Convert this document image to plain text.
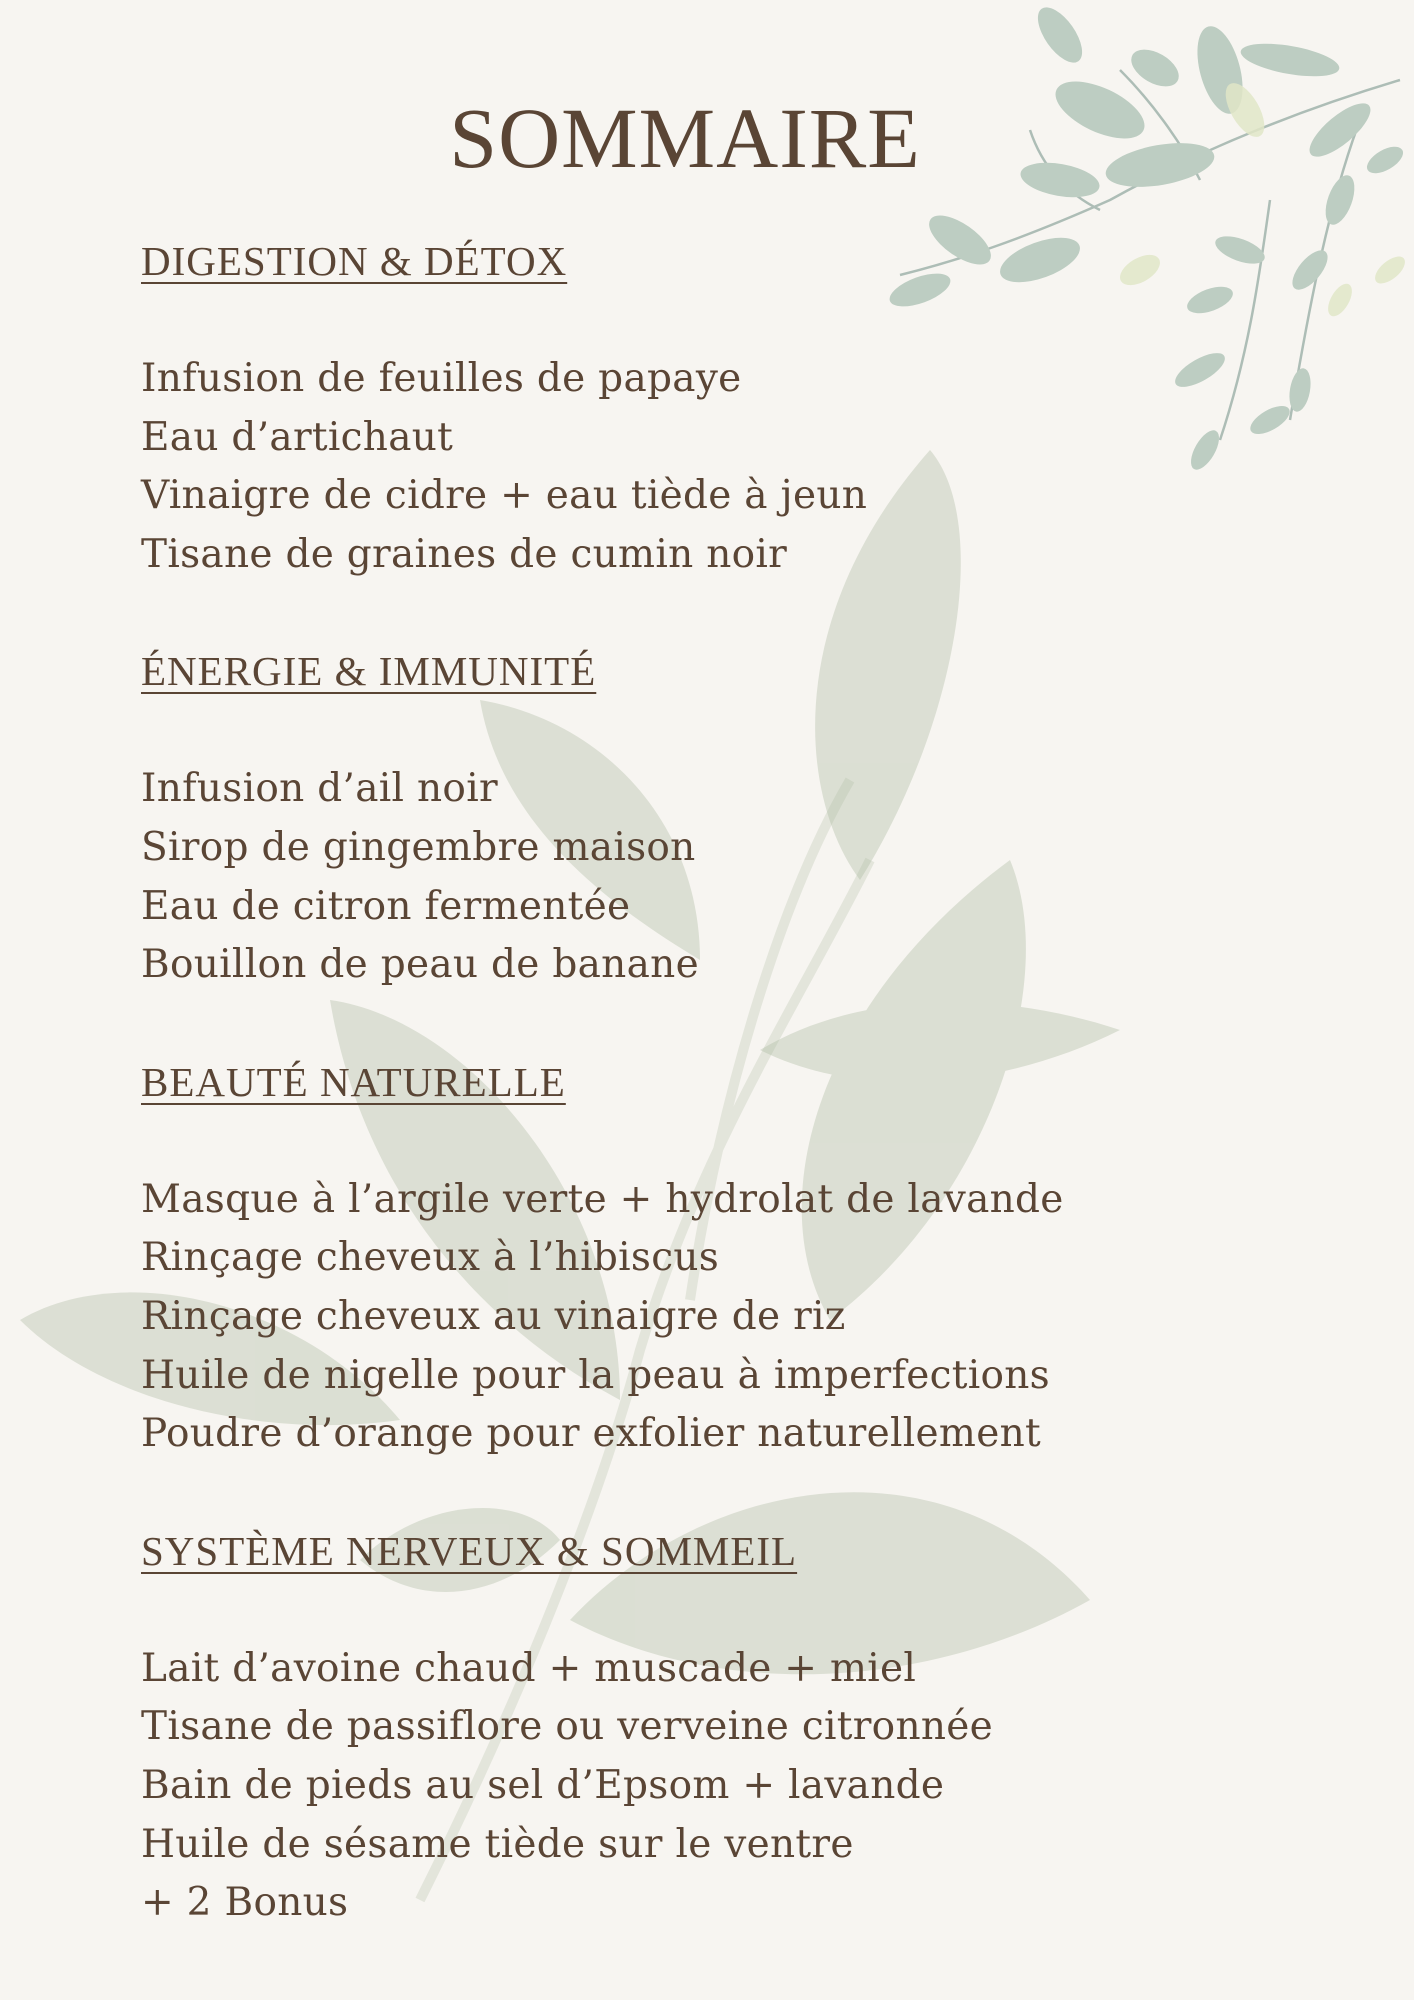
SOMMAIRE
DIGESTION & DÉTOX
Infusion de feuilles de papaye
Eau d’artichaut
Vinaigre de cidre + eau tiède à jeun
Tisane de graines de cumin noir
ÉNERGIE & IMMUNITÉ
Infusion d’ail noir
Sirop de gingembre maison
Eau de citron fermentée
Bouillon de peau de banane
BEAUTÉ NATURELLE
Masque à l’argile verte + hydrolat de lavande
Rinçage cheveux à l’hibiscus
Rinçage cheveux au vinaigre de riz
Huile de nigelle pour la peau à imperfections
Poudre d’orange pour exfolier naturellement
SYSTÈME NERVEUX & SOMMEIL
Lait d’avoine chaud + muscade + miel
Tisane de passiflore ou verveine citronnée
Bain de pieds au sel d’Epsom + lavande
Huile de sésame tiède sur le ventre
+ 2 Bonus
